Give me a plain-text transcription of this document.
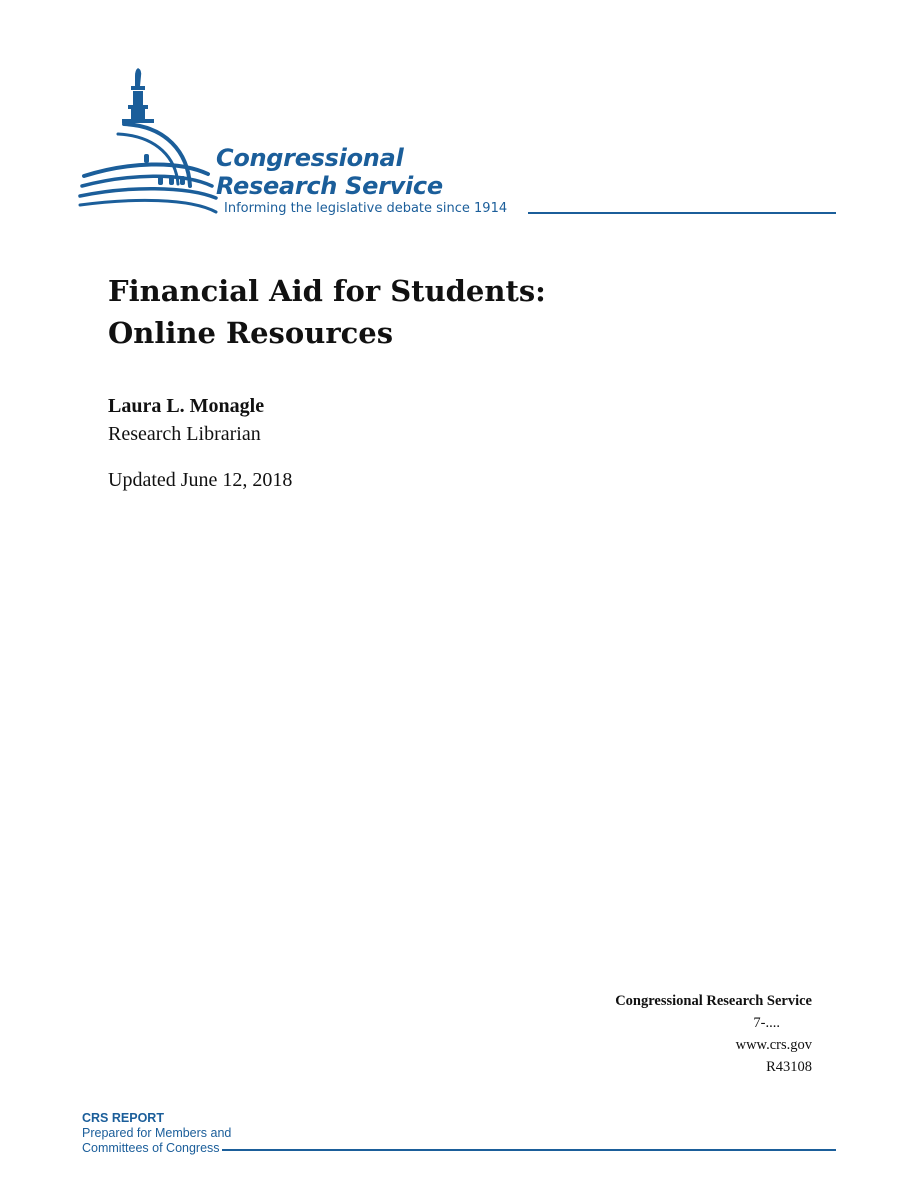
Congressional
Research Service
Informing the legislative debate since 1914
Financial Aid for Students:
Online Resources
Laura L. Monagle
Research Librarian
Updated June 12, 2018
Congressional Research Service
7-....
www.crs.gov
R43108
CRS REPORT
Prepared for Members and
Committees of Congress
